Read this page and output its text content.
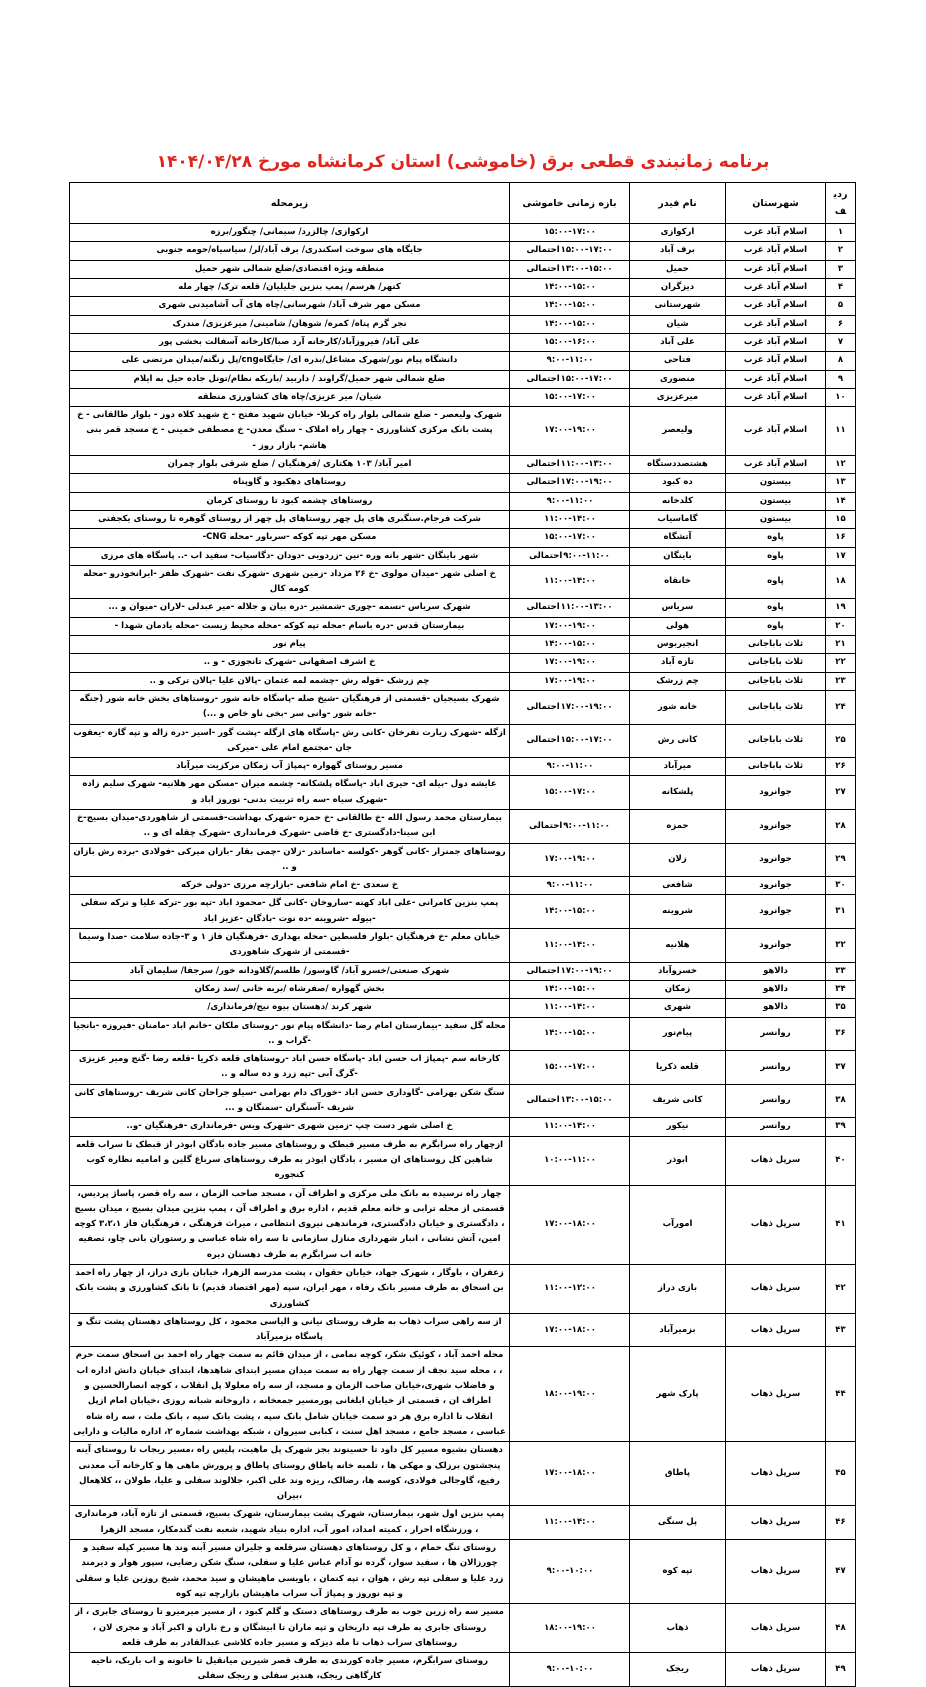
برنامه زمانبندی قطعی برق (خاموشی) استان کرمانشاه مورخ ۱۴۰۴/۰۴/۲۸
ردیف	شهرستان	نام فیدر	بازه زمانی خاموشی	زیرمحله
۱	اسلام آباد غرب	ارکوازی	۱۵:۰۰-۱۷:۰۰	ارکوازی/ چالزرد/ سیمانی/ چنگور/برزه
۲	اسلام آباد غرب	برف آباد	۱۵:۰۰-۱۷:۰۰احتمالی	جایگاه های سوخت اسکندری/ برف آباد/لر/ سیاسیاه/حومه جنوبی
۳	اسلام آباد غرب	حمیل	۱۳:۰۰-۱۵:۰۰احتمالی	منطقه ویژه اقتصادی/ضلع شمالی شهر حمیل
۴	اسلام آباد غرب	دیزگران	۱۴:۰۰-۱۵:۰۰	کنهر/ هرسم/ پمپ بنزین جلیلیان/ قلعه ترک/ چهار مله
۵	اسلام آباد غرب	شهرستانی	۱۴:۰۰-۱۵:۰۰	مسکن مهر شرف آباد/ شهرسانی/چاه های آب آشامیدنی شهری
۶	اسلام آباد غرب	شیان	۱۴:۰۰-۱۵:۰۰	نجر گرم پناه/ کمره/ شوهان/ شامینی/ میرعزیزی/ مندرک
۷	اسلام آباد غرب	علی آباد	۱۵:۰۰-۱۶:۰۰	علی آباد/ فیروزآباد/کارخانه آرد صبا/کارخانه آسفالت بخشی پور
۸	اسلام آباد غرب	فتاحی	۹:۰۰-۱۱:۰۰	دانشگاه پیام نور/شهرک مشاغل/بدره ای/ جایگاهcng/پل زنگنه/میدان مرتضی علی
۹	اسلام آباد غرب	منصوری	۱۵:۰۰-۱۷:۰۰احتمالی	ضلع شمالی شهر حمیل/گراوند / داربید /باریکه نظام/تونل جاده حیل به ایلام
۱۰	اسلام آباد غرب	میرعزیزی	۱۵:۰۰-۱۷:۰۰	شیان/ میر عزیزی/چاه های کشاورزی منطقه
۱۱	اسلام آباد غرب	ولیعصر	۱۷:۰۰-۱۹:۰۰	شهرک ولیعصر - ضلع شمالی بلوار راه کربلا- خیابان شهید مفتح - خ شهید کلاه دوز - بلوار طالقانی - خ پشت بانک مرکزی کشاورزی - چهار راه املاک - سنگ معدن- خ مصطفی خمینی - خ مسجد قمر بنی هاشم- بازار روز -
۱۲	اسلام آباد غرب	هشتصددستگاه	۱۱:۰۰-۱۳:۰۰احتمالی	امیر آباد/ ۱۰۳ هکتاری /فرهنگیان / ضلع شرقی بلوار چمران
۱۳	بیستون	ده کبود	۱۷:۰۰-۱۹:۰۰احتمالی	روستاهای دهکبود و گاوپناه
۱۴	بیستون	کلدخانه	۹:۰۰-۱۱:۰۰	روستاهای چشمه کبود تا روستای کرمان
۱۵	بیستون	گاماسیاب	۱۱:۰۰-۱۴:۰۰	شرکت فرجام.سنگبری های پل چهر روستاهای پل چهر از روستای گوهره تا روستای یکجفتی
۱۶	پاوه	آتشگاه	۱۵:۰۰-۱۷:۰۰	مسکن مهر تپه کوکه -سرباور -محله CNG-
۱۷	پاوه	باینگان	۹:۰۰-۱۱:۰۰احتمالی	شهر باینگان -شهر بانه وره -نین -زردویی -دودان -دگاسیاب- سفید اب -.. پاسگاه های مرزی
۱۸	پاوه	خانقاه	۱۱:۰۰-۱۴:۰۰	خ اصلی شهر -میدان مولوی -خ ۲۶ مرداد -زمین شهری -شهرک نفت -شهرک ظفر -ایرانخودرو -محله کومه کال
۱۹	پاوه	سریاس	۱۱:۰۰-۱۳:۰۰احتمالی	شهرک سریاس -نسمه -چوری -شمشیر -دره بیان و جلاله -میر عبدلی -لاران -میوان و ...
۲۰	پاوه	هولی	۱۷:۰۰-۱۹:۰۰	بیمارستان قدس -دره باسام -محله تپه کوکه -محله محیط زیست -محله یادمان شهدا -
۲۱	ثلاث باباجانی	انجیربوس	۱۴:۰۰-۱۵:۰۰	پیام نور
۲۲	ثلاث باباجانی	تازه آباد	۱۷:۰۰-۱۹:۰۰	خ اشرف اصفهانی -شهرک تانجوزی - و ..
۲۳	ثلاث باباجانی	چم زرشک	۱۷:۰۰-۱۹:۰۰	چم زرشک -قوله رش -چشمه لمه عثمان -پالان علیا -پالان ترکی و ..
۲۴	ثلاث باباجانی	خانه شور	۱۷:۰۰-۱۹:۰۰احتمالی	شهرک بسیجیان -قسمتی از فرهنگیان -شیخ صله -پاسگاه خانه شور -روستاهای بخش خانه شور (جنگه -خانه شور -وانی سر -بخی ناو خاص و ...)
۲۵	ثلاث باباجانی	کانی رش	۱۵:۰۰-۱۷:۰۰احتمالی	ازگله -شهرک زیارت نفرخان -کانی رش -پاسگاه های ازگله -پشت گور -اسیر -دره زاله و تپه گازه -یعقوب جان -مجتمع امام علی -میرکی
۲۶	ثلاث باباجانی	میرآباد	۹:۰۰-۱۱:۰۰	مسیر روستای گهواره -پمپاژ آب زمکان مرکزیت میرآباد
۲۷	جوانرود	پلشکانه	۱۵:۰۰-۱۷:۰۰	عایشه دول -بیله ای- حیری اباد -پاسگاه پلشکانه- چشمه میران -مسکن مهر هلانیه- شهرک سلیم زاده -شهرک سیاه -سه راه تربیت بدنی- نوروز اباد و
۲۸	جوانرود	حمزه	۹:۰۰-۱۱:۰۰احتمالی	بیمارستان محمد رسول الله -خ طالقانی -خ حمزه -شهرک بهداشت-قسمتی از شاهوردی-میدان بسیج-خ ابن سینا-دادگستری -خ قاضی -شهرک فرمانداری -شهرک چقله ای و ..
۲۹	جوانرود	زلان	۱۷:۰۰-۱۹:۰۰	روستاهای جمنرار -کانی گوهر -کولسه -ماساندر -زلان -چمی بقار -بازان میرکی -فولادی -برده رش بازان و ..
۳۰	جوانرود	شافعی	۹:۰۰-۱۱:۰۰	خ سعدی -خ امام شافعی -بازارچه مرزی -دولی خرکه
۳۱	جوانرود	شروینه	۱۴:۰۰-۱۵:۰۰	پمپ بنزین کامرانی -علی اباد کهنه -ساروخان -کانی گل -محمود اباد -تپه بور -ترکه علیا و ترکه سفلی -بیوله -شروینه -ده نوت -بادگان -عزیز اباد
۳۲	جوانرود	هلانیه	۱۱:۰۰-۱۴:۰۰	خیابان معلم -خ فرهنگیان -بلوار فلسطین -محله بهداری -فرهنگیان فاز ۱ و ۳-جاده سلامت -صدا وسیما -قسمتی از شهرک شاهوردی
۳۳	دالاهو	خسروآباد	۱۷:۰۰-۱۹:۰۰احتمالی	شهرک صنعتی/خسرو آباد/ گاوسور/ طلسم/گلاودانه خور/ سرجفا/ سلیمان آباد
۳۴	دالاهو	زمکان	۱۴:۰۰-۱۵:۰۰	بخش گهواره /صفرشاه /بربه خانی /سد زمکان
۳۵	دالاهو	شهری	۱۱:۰۰-۱۴:۰۰	شهر کرند /دهستان بیوه نیج/فرمانداری/
۳۶	روانسر	پیام‌نور	۱۴:۰۰-۱۵:۰۰	محله گل سفید -بیمارستان امام رضا -دانشگاه پیام نور -روستای ملکان -خانم اباد -مامنان -فیروزه -بانجیا -گراب و ..
۳۷	روانسر	قلعه ذکریا	۱۵:۰۰-۱۷:۰۰	کارخانه سم -پمپاژ اب حسن اباد -پاسگاه حسن اباد -روستاهای قلعه ذکریا -قلعه رضا -گنج ومیر عزیزی -گرگ آبی -تپه زرد و ده ساله و ..
۳۸	روانسر	کانی شریف	۱۳:۰۰-۱۵:۰۰احتمالی	سنگ شکن بهرامی -گاوداری حسن اباد -خوراک دام بهرامی -سیلو جراحان کانی شریف -روستاهای کانی شریف -آسنگران -سمنگان و ...
۳۹	روانسر	نیکور	۱۱:۰۰-۱۴:۰۰	خ اصلی شهر دست چپ -زمین شهری -شهرک وبس -فرمانداری -فرهنگیان -و..
۴۰	سرپل ذهاب	ابوذر	۱۰:۰۰-۱۱:۰۰	ازچهار راه سرابگرم به طرف مسیر قبطک و روستاهای مسیر جاده بادگان ابوذر از قبطک تا سراب قلعه شاهین کل روستاهای ان مسیر ، بادگان ابوذر به طرف روستاهای سرباغ گلین و امامیه نظاره کوب کنجوره
۴۱	سرپل ذهاب	امورآب	۱۷:۰۰-۱۸:۰۰	چهار راه نرسیده به بانک ملی مرکزی و اطراف آن ، مسجد صاحب الزمان ، سه راه قصر، پاساژ پردیس، قسمتی از محله ترابی و خانه معلم قدیم ، اداره برق و اطراف آن ، پمپ بنزین میدان بسیج ، میدان بسیج ، دادگستری و خیابان دادگستری، فرماندهی نیروی انتظامی ، میراث فرهنگی ، فرهنگیان فاز ۳،۲،۱ کوچه امین، آتش نشانی ، انبار شهرداری منازل سازمانی تا سه راه شاه عباسی و رستوران بانی چاو، تصفیه خانه اب سرابگرم به طرف دهستان دیره
۴۲	سرپل ذهاب	بازی دراز	۱۱:۰۰-۱۲:۰۰	زعفران ، باوگار ، شهرک جهاد، خیابان حقوان ، پشت مدرسه الزهرا، خیابان بازی دراز، از چهار راه احمد بن اسحاق به طرف مسیر بانک رفاه ، مهر ایران، سپه (مهر اقتصاد قدیم) تا بانک کشاورزی و پشت بانک کشاورزی
۴۳	سرپل ذهاب	بزمیرآباد	۱۷:۰۰-۱۸:۰۰	از سه راهی سراب ذهاب به طرف روستای نیانی و الیاسی محمود ، کل روستاهای دهستان پشت تنگ و پاسگاه بزمیرآباد
۴۴	سرپل ذهاب	پارک شهر	۱۸:۰۰-۱۹:۰۰	محله احمد آباد ، کوئیک شکر، کوچه نمامی ، از میدان قائم به سمت چهار راه احمد بن اسحاق سمت حرم ، ، محله سید نجف از سمت چهار راه به سمت میدان مسیر ابتدای شاهدها، ابتدای خیابان دانش اداره اب و فاضلاب شهری،خیابان صاحب الزمان و مسجد، از سه راه معلولا پل انقلاب ، کوچه انصارالحسین و اطراف ان ، قسمتی از خیابان ابلغانی پورمسیر جمعخانه ، داروخانه شبانه روزی ،خیابان امام ازپل انقلاب تا اداره برق هر دو سمت خیابان شامل بانک سپه ، پشت بانک سپه ، بانک ملت ، سه راه شاه عباسی ، مسجد جامع ، مسجد اهل سنت ، کبابی سیروان ، شبکه بهداشت شماره ۲، اداره مالیات و دارایی
۴۵	سرپل ذهاب	پاطاق	۱۷:۰۰-۱۸:۰۰	دهستان بشیوه مسیر کل داود تا حسینوند بجز شهرک پل ماهیت، پلیس راه ،مسیر ریجاب تا روستای آینه پنجشتون برزلک و مهکی ها ، تلمبه خانه پاطاق روستای پاطاق و پرورش ماهی ها و کارخانه آب معدنی رفیع، گاوجالی فولادی، کوسه ها، رضالک، ریزه وند علی اکبر، جلالوند سفلی و علیا، طولان ،، کلاهعال ،بیران
۴۶	سرپل ذهاب	پل سنگی	۱۱:۰۰-۱۴:۰۰	پمپ بنزین اول شهر، بیمارستان، شهرک پشت بیمارستان، شهرک بسیج، قسمتی از تازه آباد، فرمانداری ، ورزشگاه احرار ، کمیته امداد، امور آب، اداره بنیاد شهید، شعبه نفت گندمکار، مسجد الزهرا
۴۷	سرپل ذهاب	تپه کوه	۹:۰۰-۱۰:۰۰	روستای تنگ حمام ، و کل روستاهای دهستان سرقلعه و جلیران مسیر آبنه وند ها مسیر کپله سفید و چورزالان ها ، سفید سوار، گرده نو آدام عباس علیا و سفلی، سنگ شکن رضایی، سپور هوار و دیرمند زرد علیا و سفلی تپه رش ، هوان ، تپه کنمان ، باویسی ماهیشان و سید محمد، شیخ روزین علیا و سفلی و تپه نوروز و پمپاژ آب سراب ماهیشان بازارچه تپه کوه
۴۸	سرپل ذهاب	ذهاب	۱۸:۰۰-۱۹:۰۰	مسیر سه راه زرین جوب به طرف روستاهای دستک و گلم کبود ، از مسیر میرمیرو تا روستای جابری ، از روستای جابری به طرف تپه داریخان و تپه ماران تا ابیشگان و رخ باران و اکبر آباد و مجری لان ، روستاهای سراب ذهاب تا مله دیزکه و مسیر جاده کلاشی عبدالقادر به طرف قلعه
۴۹	سرپل ذهاب	ریجک	۹:۰۰-۱۰:۰۰	روستای سرابگرم، مسیر جاده کورندی به طرف قصر شیرین میانقیل تا خانونه و اب باریک، ناحیه کارگاهی ریجک، هندیر سفلی و ریجک سفلی
